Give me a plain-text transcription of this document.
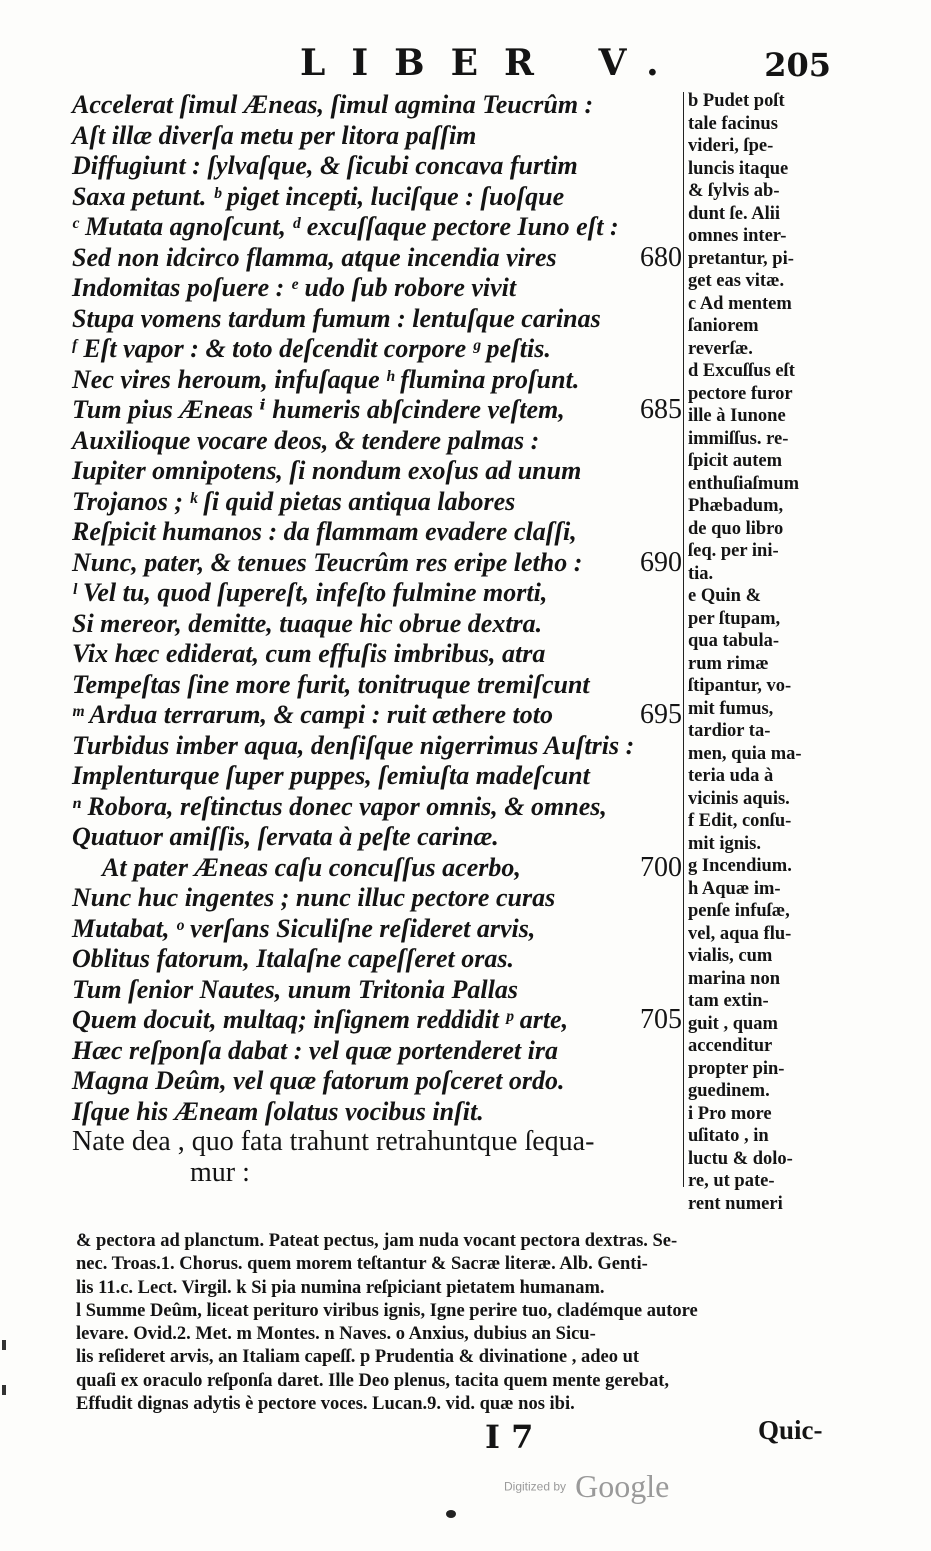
LIBER V. 205
Accelerat ſimul Æneas, ſimul agmina Teucrûm :
Aſt illæ diverſa metu per litora paſſim
Diffugiunt : ſylvaſque, & ſicubi concava furtim
Saxa petunt. ᵇ piget incepti, luciſque : ſuoſque
ᶜ Mutata agnoſcunt, ᵈ excuſſaque pectore Iuno eſt :
Sed non idcirco flamma, atque incendia vires	680
Indomitas poſuere : ᵉ udo ſub robore vivit
Stupa vomens tardum fumum : lentuſque carinas
ᶠ Eſt vapor : & toto deſcendit corpore ᵍ peſtis.
Nec vires heroum, infuſaque ʰ flumina proſunt.
Tum pius Æneas ⁱ humeris abſcindere veſtem,	685
Auxilioque vocare deos, & tendere palmas :
Iupiter omnipotens, ſi nondum exoſus ad unum
Trojanos ; ᵏ ſi quid pietas antiqua labores
Reſpicit humanos : da flammam evadere claſſi,
Nunc, pater, & tenues Teucrûm res eripe letho : 690
ˡ Vel tu, quod ſupereſt, infeſto fulmine morti,
Si mereor, demitte, tuaque hic obrue dextra.
Vix hæc ediderat, cum effuſis imbribus, atra
Tempeſtas ſine more furit, tonitruque tremiſcunt
ᵐ Ardua terrarum, & campi : ruit æthere toto	695
Turbidus imber aqua, denſiſque nigerrimus Auſtris :
Implenturque ſuper puppes, ſemiuſta madeſcunt
ⁿ Robora, reſtinctus donec vapor omnis, & omnes,
Quatuor amiſſis, ſervata à peſte carinæ.
At pater Æneas caſu concuſſus acerbo,	700
Nunc huc ingentes ; nunc illuc pectore curas
Mutabat, ᵒ verſans Siculiſne reſideret arvis,
Oblitus fatorum, Italaſne capeſſeret oras.
Tum ſenior Nautes, unum Tritonia Pallas
Quem docuit, multaq; inſignem reddidit ᵖ arte,	705
Hæc reſponſa dabat : vel quæ portenderet ira
Magna Deûm, vel quæ fatorum poſceret ordo.
Iſque his Æneam ſolatus vocibus inſit.
Nate dea , quo fata trahunt retrahuntque ſequa-
mur :
b Pudet poſt
tale facinus
videri, ſpe-
luncis itaque
& ſylvis ab-
dunt ſe. Alii
omnes inter-
pretantur, pi-
get eas vitæ.
c Ad mentem
ſaniorem
reverſæ.
d Excuſſus eſt
pectore furor
ille à Iunone
immiſſus. re-
ſpicit autem
enthuſiaſmum
Phæbadum,
de quo libro
ſeq. per ini-
tia.
e Quin &
per ſtupam,
qua tabula-
rum rimæ
ſtipantur, vo-
mit fumus,
tardior ta-
men, quia ma-
teria uda à
vicinis aquis.
f Edit, conſu-
mit ignis.
g Incendium.
h Aquæ im-
penſe infuſæ,
vel, aqua flu-
vialis, cum
marina non
tam extin-
guit , quam
accenditur
propter pin-
guedinem.
i Pro more
uſitato , in
luctu & dolo-
re, ut pate-
rent numeri
& pectora ad planctum. Pateat pectus, jam nuda vocant pectora dextras. Se-
nec. Troas.1. Chorus. quem morem teſtantur & Sacræ literæ. Alb. Genti-
lis 11.c. Lect. Virgil. k Si pia numina reſpiciant pietatem humanam.
l Summe Deûm, liceat perituro viribus ignis, Igne perire tuo, cladémque autore
levare. Ovid.2. Met. m Montes. n Naves. o Anxius, dubius an Sicu-
lis reſideret arvis, an Italiam capeſſ. p Prudentia & divinatione , adeo ut
quaſi ex oraculo reſponſa daret. Ille Deo plenus, tacita quem mente gerebat,
Effudit dignas adytis è pectore voces. Lucan.9. vid. quæ nos ibi.
I 7	Quic-
Digitized by Google
